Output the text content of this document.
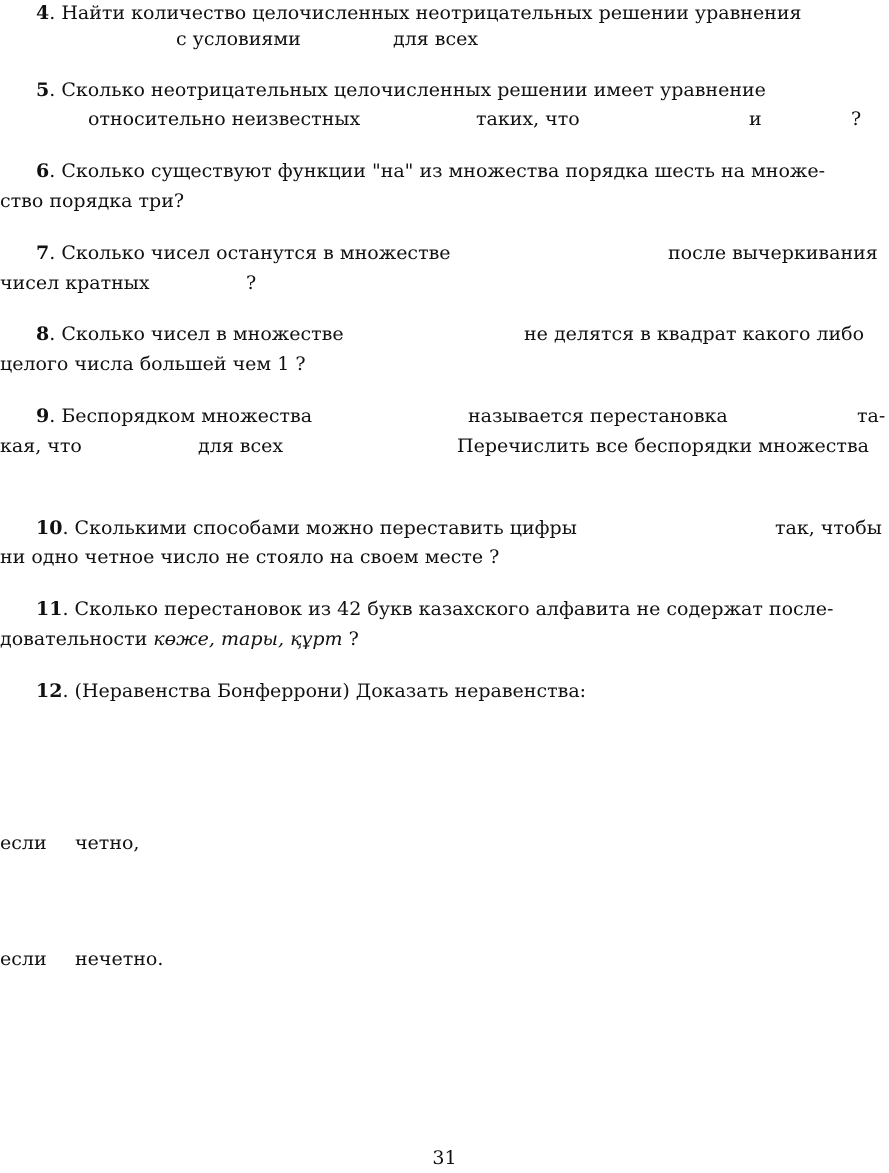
4. Найти количество целочисленных неотрицательных решении уравнения
с условиями	для всех
5. Сколько неотрицательных целочисленных решении имеет уравнение
относительно неизвестных	таких, что	и	?
6. Сколько существуют функции "на" из множества порядка шесть на множе-
ство порядка три?
7. Сколько чисел останутся в множестве	после вычеркивания
чисел кратных	?
8. Сколько чисел в множестве	не делятся в квадрат какого либо
целого числа большей чем 1 ?
9. Беспорядком множества	называется перестановка	та-
кая, что	для всех	Перечислить все беспорядки множества
10. Сколькими способами можно переставить цифры	так, чтобы
ни одно четное число не стояло на своем месте ?
11. Сколько перестановок из 42 букв казахского алфавита не содержат после-
довательности көже, тары, құрт ?
12. (Неравенства Бонферрони) Доказать неравенства:
если четно,
если нечетно.
31
